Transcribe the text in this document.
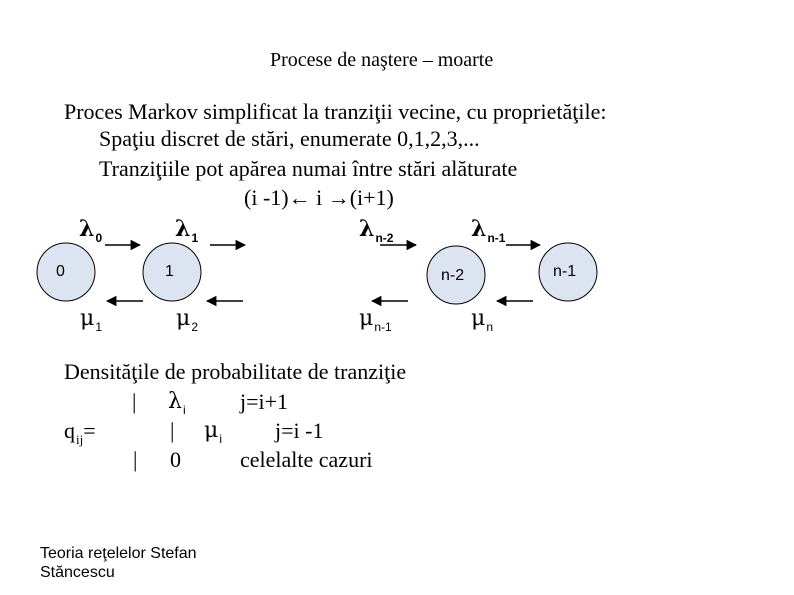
Procese de naştere – moarte
Proces Markov simplificat la tranziţii vecine, cu proprietăţile:
Spaţiu discret de stări, enumerate 0,1,2,3,...
Tranziţiile pot apărea numai între stări alăturate
(i -1)← i →(i+1)
0	1	n-2	n-1
$\lambda_0$	$\lambda_1$	$\lambda_{n-2}$	$\lambda_{n-1}$
$\mu_1$	$\mu_2$	$\mu_{n-1}$	$\mu_n$
Densităţile de probabilitate de tranziţie
$q_{ij}=$
| $\lambda_i$ j=i+1
| $\mu_i$ j=i -1
| 0	celelalte cazuri
Teoria reţelelor Stefan
Stăncescu
